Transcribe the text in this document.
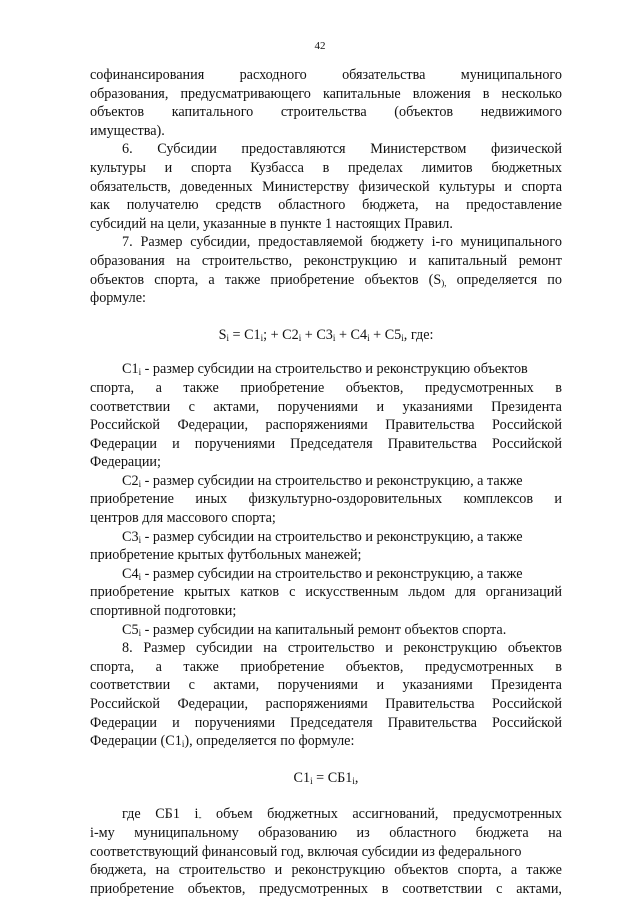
42
софинансирования расходного обязательства муниципального
образования, предусматривающего капитальные вложения в несколько
объектов капитального строительства (объектов недвижимого
имущества).
6. Субсидии предоставляются Министерством физической
культуры и спорта Кузбасса в пределах лимитов бюджетных
обязательств, доведенных Министерству физической культуры и спорта
как получателю средств областного бюджета, на предоставление
субсидий на цели, указанные в пункте 1 настоящих Правил.
7. Размер субсидии, предоставляемой бюджету i-го муниципального
образования на строительство, реконструкцию и капитальный ремонт
объектов спорта, а также приобретение объектов ($S_{),}$ определяется по
формуле:
$S_i = С1_i$; + $С2_i + С3_i + С4_i + С5_i$, где:
$С1_i$ - размер субсидии на строительство и реконструкцию объектов
спорта, а также приобретение объектов, предусмотренных в
соответствии с актами, поручениями и указаниями Президента
Российской Федерации, распоряжениями Правительства Российской
Федерации и поручениями Председателя Правительства Российской
Федерации;
$С2_i$ - размер субсидии на строительство и реконструкцию, а также
приобретение иных физкультурно-оздоровительных комплексов и
центров для массового спорта;
$С3_i$ - размер субсидии на строительство и реконструкцию, а также
приобретение крытых футбольных манежей;
$С4_i$ - размер субсидии на строительство и реконструкцию, а также
приобретение крытых катков с искусственным льдом для организаций
спортивной подготовки;
$С5_i$ - размер субсидии на капитальный ремонт объектов спорта.
8. Размер субсидии на строительство и реконструкцию объектов
спорта, а также приобретение объектов, предусмотренных в
соответствии с актами, поручениями и указаниями Президента
Российской Федерации, распоряжениями Правительства Российской
Федерации и поручениями Председателя Правительства Российской
Федерации $(С1_i)$, определяется по формуле:
$С1_i = СБ1_i$,
где СБ1 $i_-$ объем бюджетных ассигнований, предусмотренных
i-му муниципальному образованию из областного бюджета на
соответствующий финансовый год, включая субсидии из федерального
бюджета, на строительство и реконструкцию объектов спорта, а также
приобретение объектов, предусмотренных в соответствии с актами,
